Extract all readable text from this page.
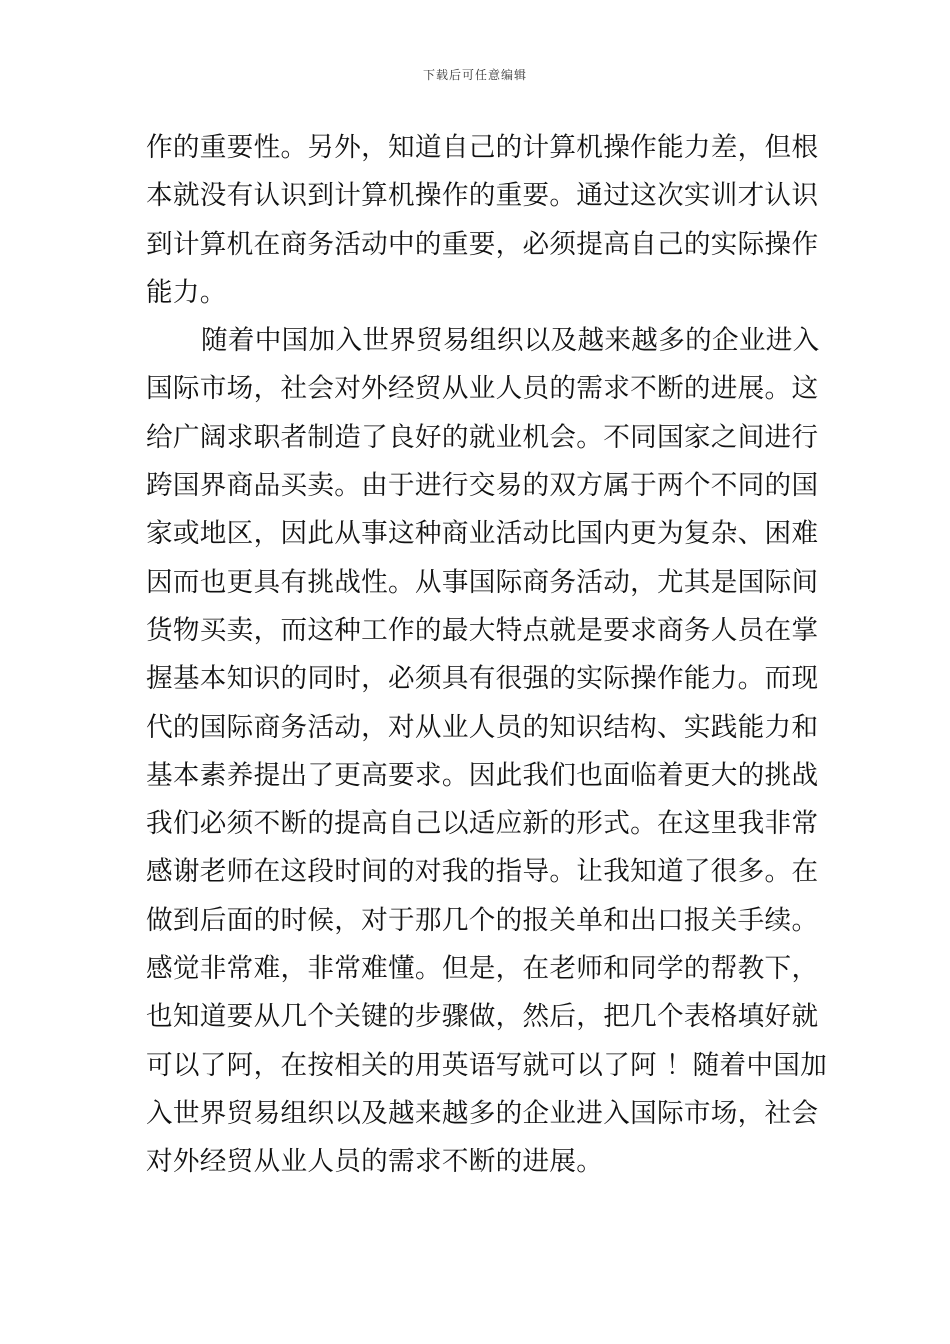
下载后可任意编辑
作的重要性。另外，知道自己的计算机操作能力差，但根
本就没有认识到计算机操作的重要。通过这次实训才认识
到计算机在商务活动中的重要，必须提高自己的实际操作
能力。
随着中国加入世界贸易组织以及越来越多的企业进入
国际市场，社会对外经贸从业人员的需求不断的进展。这
给广阔求职者制造了良好的就业机会。不同国家之间进行
跨国界商品买卖。由于进行交易的双方属于两个不同的国
家或地区，因此从事这种商业活动比国内更为复杂、困难
因而也更具有挑战性。从事国际商务活动，尤其是国际间
货物买卖，而这种工作的最大特点就是要求商务人员在掌
握基本知识的同时，必须具有很强的实际操作能力。而现
代的国际商务活动，对从业人员的知识结构、实践能力和
基本素养提出了更高要求。因此我们也面临着更大的挑战
我们必须不断的提高自己以适应新的形式。在这里我非常
感谢老师在这段时间的对我的指导。让我知道了很多。在
做到后面的时候，对于那几个的报关单和出口报关手续。
感觉非常难，非常难懂。但是，在老师和同学的帮教下，
也知道要从几个关键的步骤做，然后，把几个表格填好就
可以了阿，在按相关的用英语写就可以了阿 ！随着中国加
入世界贸易组织以及越来越多的企业进入国际市场，社会
对外经贸从业人员的需求不断的进展。
